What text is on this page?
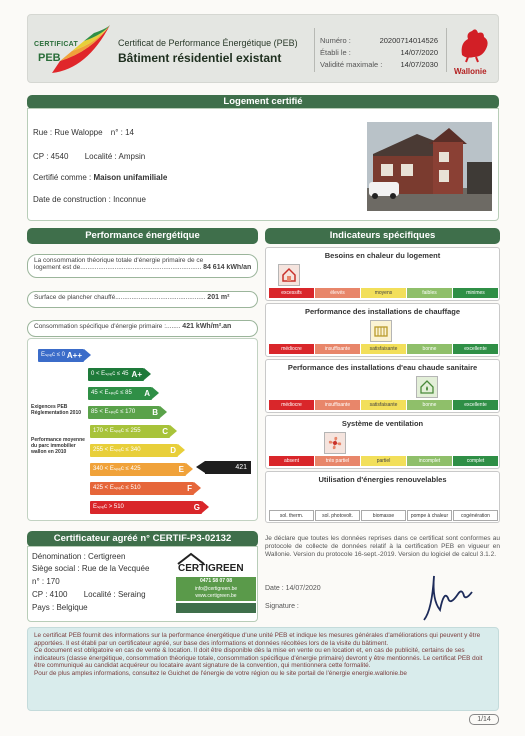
CERTIFICAT
PEB
Certificat de Performance Énergétique (PEB)
Bâtiment résidentiel existant
Numéro :	20200714014526
Établi le :	14/07/2020
Validité maximale :	14/07/2030
Wallonie
Logement certifié
Rue : Rue Waloppe n° : 14
CP : 4540 Localité : Ampsin
Certifié comme : Maison unifamiliale
Date de construction : Inconnue
Performance énergétique
La consommation théorique totale d'énergie primaire de ce
logement est de................................................................... 84 614 kWh/an
Surface de plancher chauffé.................................................. 201 m²
Consommation spécifique d'énergie primaire :........ 421 kWh/m².an
Eₛₚₑc ≤ 0 A++
0 < Eₛₚₑc ≤ 45 A+
45 < Eₛₚₑc ≤ 85 A
85 < Eₛₚₑc ≤ 170 B
170 < Eₛₚₑc ≤ 255	C
255 < Eₛₚₑc ≤ 340	D
340 < Eₛₚₑc ≤ 425	E
425 < Eₛₚₑc ≤ 510	F
Eₛₚₑc > 510	G
Exigences PEB Réglementation 2010
Performance moyenne du parc immobilier wallon en 2010
421
Indicateurs spécifiques
Besoins en chaleur du logement
excessifs	élevés	moyens	faibles	minimes
Performance des installations de chauffage
médiocre	insuffisante	satisfaisante	bonne	excellente
Performance des installations d'eau chaude sanitaire
médiocre	insuffisante	satisfaisante	bonne	excellente
Système de ventilation
absent	très partiel	partiel	incomplet	complet
Utilisation d'énergies renouvelables
sol. therm.	sol. photovolt.	biomasse	pompe à chaleur	cogénération
Certificateur agréé n° CERTIF-P3-02132
Dénomination : Certigreen
Siège social : Rue de la Vecquée
n° : 170
CP : 4100 Localité : Seraing
Pays : Belgique
CERTIGREEN
0471 58 07 08
info@certigreen.be
www.certigreen.be
Je déclare que toutes les données reprises dans ce certificat sont conformes au protocole de collecte de données relatif à la certification PEB en vigueur en Wallonie. Version du protocole 16-sept.-2019. Version du logiciel de calcul 3.1.2.
Date : 14/07/2020
Signature :

Le certificat PEB fournit des informations sur la performance énergétique d'une unité PEB et indique les mesures générales d'améliorations qui peuvent y être apportées. Il est établi par un certificateur agréé, sur base des informations et données récoltées lors de la visite du bâtiment.

Ce document est obligatoire en cas de vente & location. Il doit être disponible dès la mise en vente ou en location et, en cas de publicité, certains de ses indicateurs (classe énergétique, consommation théorique totale, consommation spécifique d'énergie primaire) devront y être mentionnés. Le certificat PEB doit être communiqué au candidat acquéreur ou locataire avant signature de la convention, qui mentionnera cette formalité.

Pour de plus amples informations, consultez le Guichet de l'énergie de votre région ou le site portail de l'énergie energie.wallonie.be

1/14
